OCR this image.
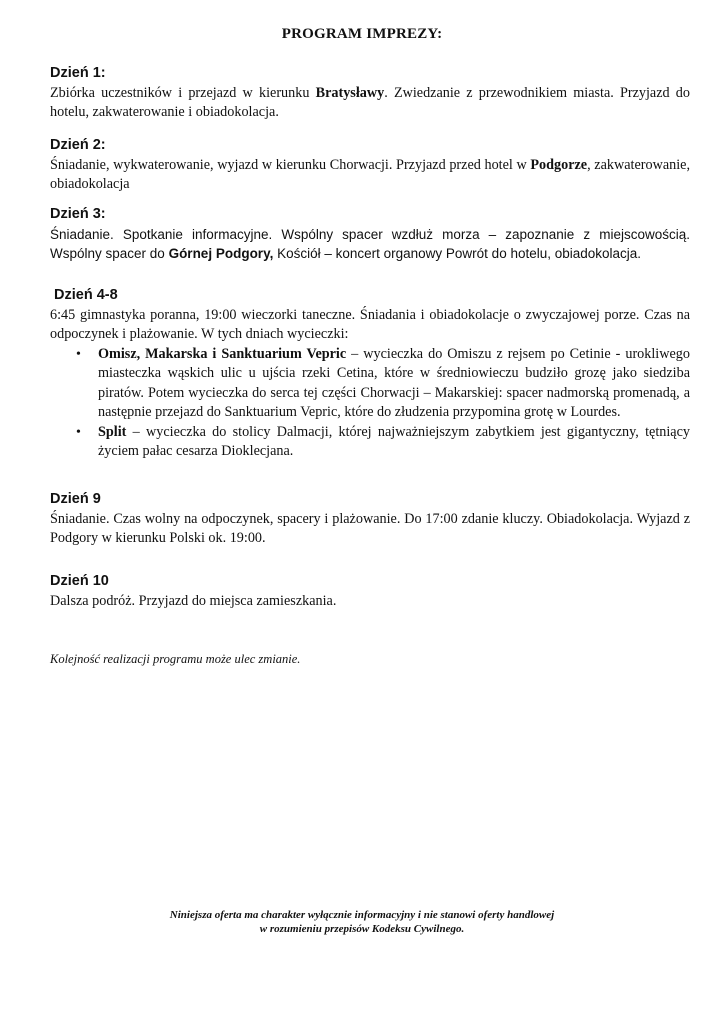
PROGRAM IMPREZY:
Dzień 1:
Zbiórka uczestników i przejazd w kierunku Bratysławy. Zwiedzanie z przewodnikiem miasta. Przyjazd do hotelu, zakwaterowanie i obiadokolacja.
Dzień 2:
Śniadanie, wykwaterowanie, wyjazd w kierunku Chorwacji. Przyjazd przed hotel w Podgorze, zakwaterowanie, obiadokolacja
Dzień 3:
Śniadanie. Spotkanie informacyjne. Wspólny spacer wzdłuż morza – zapoznanie z miejscowością. Wspólny spacer do Górnej Podgory, Kościół – koncert organowy Powrót do hotelu, obiadokolacja.
Dzień 4-8
6:45 gimnastyka poranna, 19:00 wieczorki taneczne. Śniadania i obiadokolacje o zwyczajowej porze. Czas na odpoczynek i plażowanie. W tych dniach wycieczki:
• Omisz, Makarska i Sanktuarium Vepric – wycieczka do Omiszu z rejsem po Cetinie - urokliwego miasteczka wąskich ulic u ujścia rzeki Cetina, które w średniowieczu budziło grozę jako siedziba piratów. Potem wycieczka do serca tej części Chorwacji – Makarskiej: spacer nadmorską promenadą, a następnie przejazd do Sanktuarium Vepric, które do złudzenia przypomina grotę w Lourdes.
• Split – wycieczka do stolicy Dalmacji, której najważniejszym zabytkiem jest gigantyczny, tętniący życiem pałac cesarza Dioklecjana.
Dzień 9
Śniadanie. Czas wolny na odpoczynek, spacery i plażowanie. Do 17:00 zdanie kluczy. Obiadokolacja. Wyjazd z Podgory w kierunku Polski ok. 19:00.
Dzień 10
Dalsza podróż. Przyjazd do miejsca zamieszkania.
Kolejność realizacji programu może ulec zmianie.
Niniejsza oferta ma charakter wyłącznie informacyjny i nie stanowi oferty handlowej
w rozumieniu przepisów Kodeksu Cywilnego.
